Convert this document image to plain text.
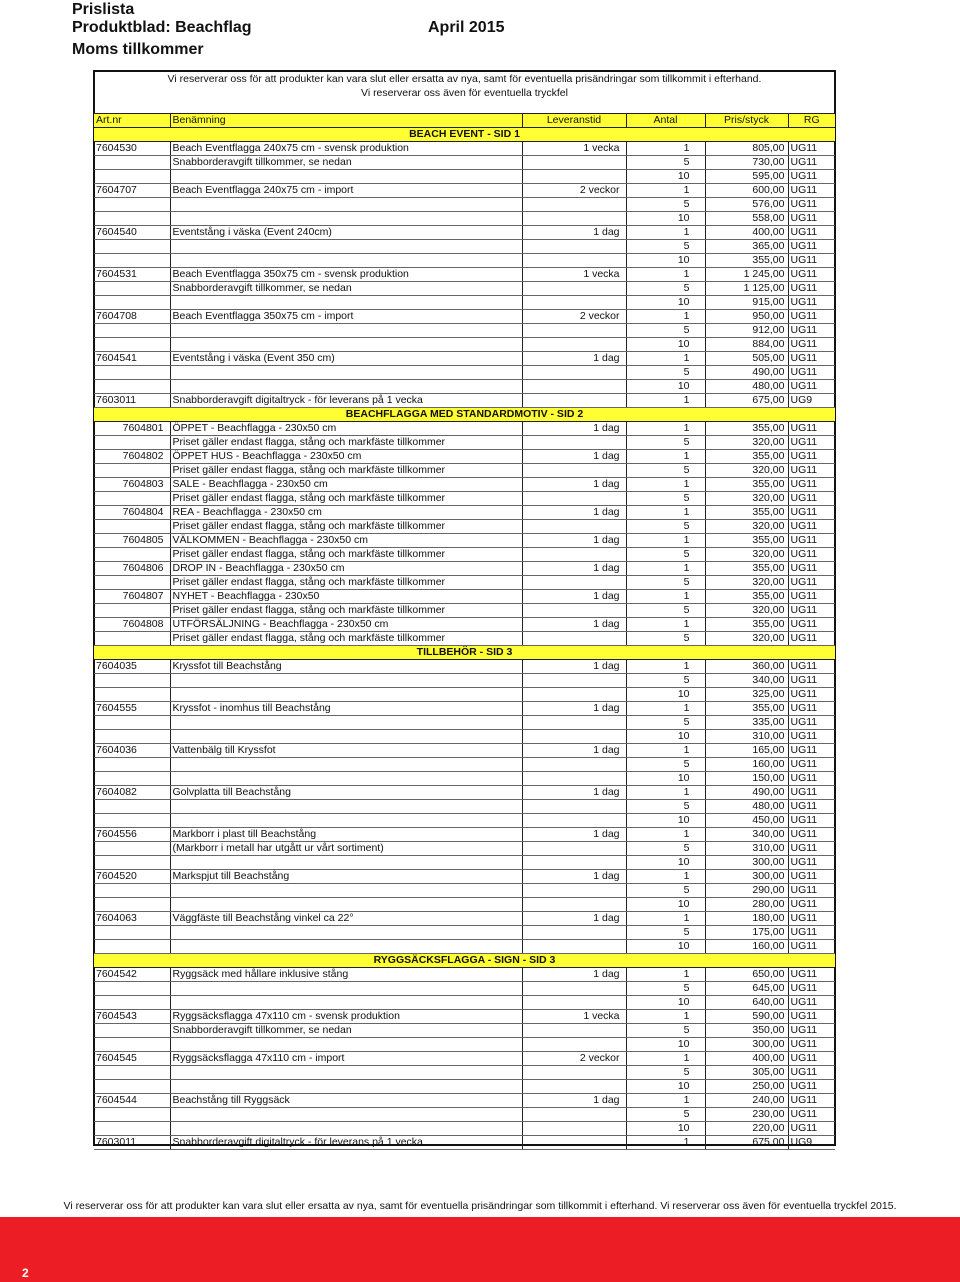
Prislista
Produktblad: Beachflag	April 2015
Moms tillkommer
Vi reserverar oss för att produkter kan vara slut eller ersatta av nya, samt för eventuella prisändringar som tillkommit i efterhand.
Vi reserverar oss även för eventuella tryckfel
Art.nr	Benämning	Leveranstid	Antal	Pris/styck	RG
BEACH EVENT - SID 1					
7604530	Beach Eventflagga 240x75 cm - svensk produktion	1 vecka	1	805,00	UG11
	Snabborderavgift tillkommer, se nedan		5	730,00	UG11
			10	595,00	UG11
7604707	Beach Eventflagga 240x75 cm - import	2 veckor	1	600,00	UG11
			5	576,00	UG11
			10	558,00	UG11
7604540	Eventstång i väska (Event 240cm)	1 dag	1	400,00	UG11
			5	365,00	UG11
			10	355,00	UG11
7604531	Beach Eventflagga 350x75 cm - svensk produktion	1 vecka	1	1 245,00	UG11
	Snabborderavgift tillkommer, se nedan		5	1 125,00	UG11
			10	915,00	UG11
7604708	Beach Eventflagga 350x75 cm - import	2 veckor	1	950,00	UG11
			5	912,00	UG11
			10	884,00	UG11
7604541	Eventstång i väska (Event 350 cm)	1 dag	1	505,00	UG11
			5	490,00	UG11
			10	480,00	UG11
7603011	Snabborderavgift digitaltryck - för leverans på 1 vecka		1	675,00	UG9
BEACHFLAGGA MED STANDARDMOTIV - SID 2					
7604801	ÖPPET - Beachflagga - 230x50 cm	1 dag	1	355,00	UG11
	Priset gäller endast flagga, stång och markfäste tillkommer		5	320,00	UG11
7604802	ÖPPET HUS - Beachflagga - 230x50 cm	1 dag	1	355,00	UG11
	Priset gäller endast flagga, stång och markfäste tillkommer		5	320,00	UG11
7604803	SALE - Beachflagga - 230x50 cm	1 dag	1	355,00	UG11
	Priset gäller endast flagga, stång och markfäste tillkommer		5	320,00	UG11
7604804	REA - Beachflagga - 230x50 cm	1 dag	1	355,00	UG11
	Priset gäller endast flagga, stång och markfäste tillkommer		5	320,00	UG11
7604805	VÄLKOMMEN - Beachflagga - 230x50 cm	1 dag	1	355,00	UG11
	Priset gäller endast flagga, stång och markfäste tillkommer		5	320,00	UG11
7604806	DROP IN - Beachflagga - 230x50 cm	1 dag	1	355,00	UG11
	Priset gäller endast flagga, stång och markfäste tillkommer		5	320,00	UG11
7604807	NYHET - Beachflagga - 230x50	1 dag	1	355,00	UG11
	Priset gäller endast flagga, stång och markfäste tillkommer		5	320,00	UG11
7604808	UTFÖRSÄLJNING - Beachflagga - 230x50 cm	1 dag	1	355,00	UG11
	Priset gäller endast flagga, stång och markfäste tillkommer		5	320,00	UG11
TILLBEHÖR - SID 3					
7604035	Kryssfot till Beachstång	1 dag	1	360,00	UG11
			5	340,00	UG11
			10	325,00	UG11
7604555	Kryssfot - inomhus till Beachstång	1 dag	1	355,00	UG11
			5	335,00	UG11
			10	310,00	UG11
7604036	Vattenbälg till Kryssfot	1 dag	1	165,00	UG11
			5	160,00	UG11
			10	150,00	UG11
7604082	Golvplatta till Beachstång	1 dag	1	490,00	UG11
			5	480,00	UG11
			10	450,00	UG11
7604556	Markborr i plast till Beachstång	1 dag	1	340,00	UG11
	(Markborr i metall har utgått ur vårt sortiment)		5	310,00	UG11
			10	300,00	UG11
7604520	Markspjut till Beachstång	1 dag	1	300,00	UG11
			5	290,00	UG11
			10	280,00	UG11
7604063	Väggfäste till Beachstång vinkel ca 22°	1 dag	1	180,00	UG11
			5	175,00	UG11
			10	160,00	UG11
RYGGSÄCKSFLAGGA - SIGN - SID 3					
7604542	Ryggsäck med hållare inklusive stång	1 dag	1	650,00	UG11
			5	645,00	UG11
			10	640,00	UG11
7604543	Ryggsäcksflagga 47x110 cm - svensk produktion	1 vecka	1	590,00	UG11
	Snabborderavgift tillkommer, se nedan		5	350,00	UG11
			10	300,00	UG11
7604545	Ryggsäcksflagga 47x110 cm - import	2 veckor	1	400,00	UG11
			5	305,00	UG11
			10	250,00	UG11
7604544	Beachstång till Ryggsäck	1 dag	1	240,00	UG11
			5	230,00	UG11
			10	220,00	UG11
7603011	Snabborderavgift digitaltryck - för leverans på 1 vecka		1	675,00	UG9
Vi reserverar oss för att produkter kan vara slut eller ersatta av nya, samt för eventuella prisändringar som tillkommit i efterhand. Vi reserverar oss även för eventuella tryckfel 2015.
2
